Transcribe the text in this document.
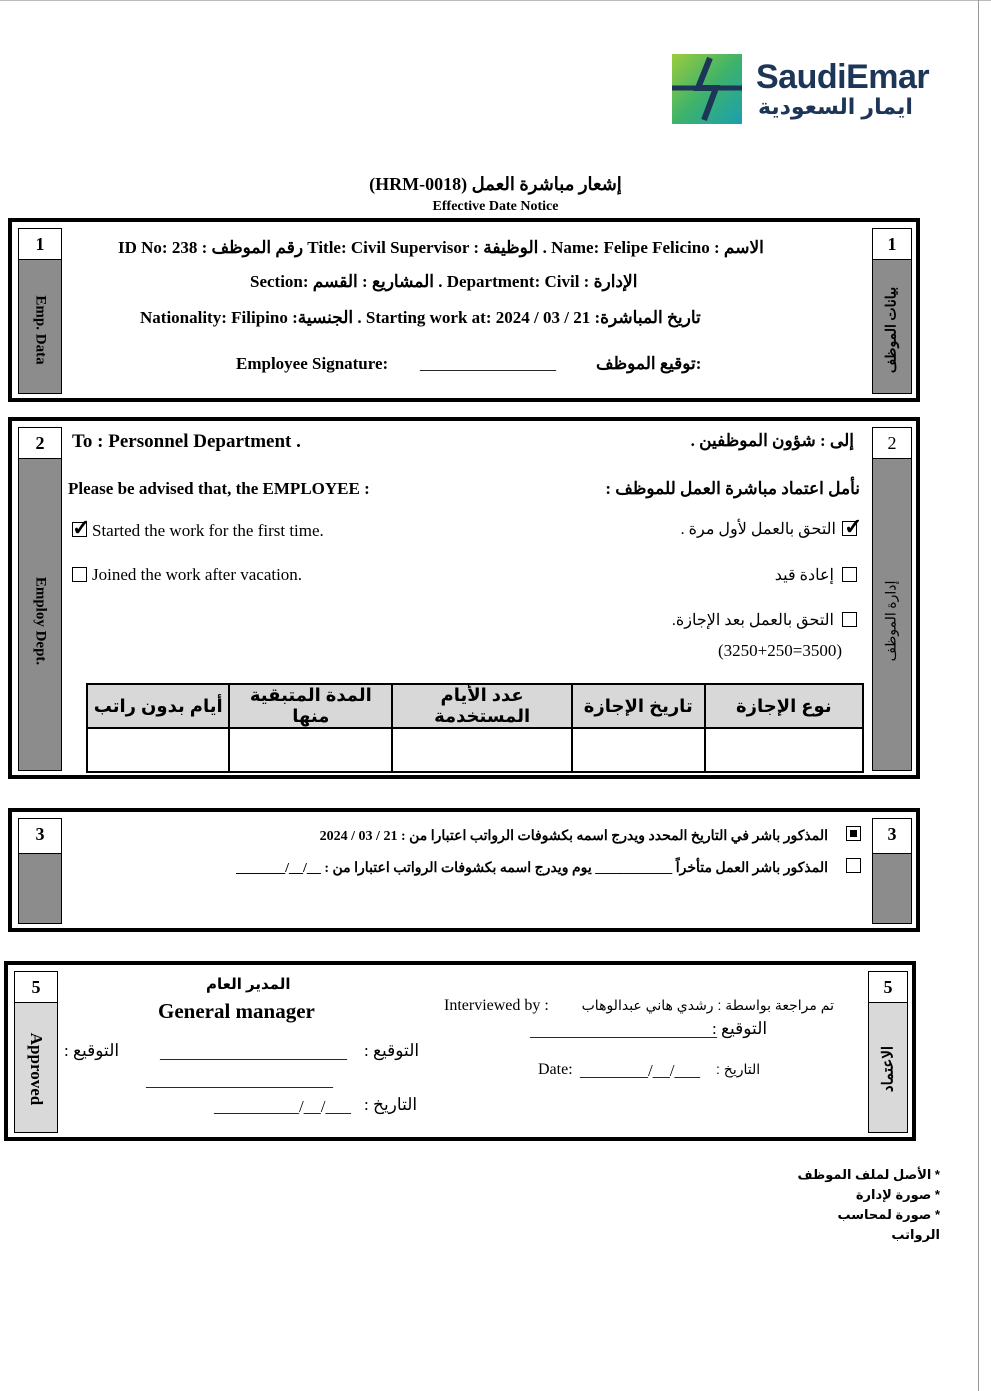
SaudiEmar
ايمار السعودية
إشعار مباشرة العمل (HRM-0018)
Effective Date Notice
1
Emp. Data
1
بيانات الموظف
ID No: 238 : رقم الموظف Title: Civil Supervisor : الوظيفة . Name: Felipe Felicino : الاسم
Section: المشاريع : القسم . Department: Civil : الإدارة
Nationality: Filipino :الجنسية . Starting work at: 2024 / 03 / 21 :تاريخ المباشرة
Employee Signature: ________________ :توقيع الموظف
2
Employ Dept.
2
إدارة الموظف
To : Personnel Department .	إلى : شؤون الموظفين .
Please be advised that, the EMPLOYEE :	نأمل اعتماد مباشرة العمل للموظف :
✓ Started the work for the first time.	التحق بالعمل لأول مرة . ✓
Joined the work after vacation.	إعادة قيد
التحق بالعمل بعد الإجازة.
(3250+250=3500)
أيام بدون راتب	المدة المتبقية منها	عدد الأيام المستخدمة	تاريخ الإجازة	نوع الإجازة

3	3
المذكور باشر في التاريخ المحدد ويدرج اسمه بكشوفات الرواتب اعتبارا من : 21 / 03 / 2024
المذكور باشر العمل متأخراً ___________ يوم ويدرج اسمه بكشوفات الرواتب اعتبارا من : __/__/_______
5
Approved
5
الاعتماد
المدير العام
General manager
التوقيع : ______________________ التوقيع :
______________________
__________/__/___ التاريخ :
Interviewed by : تم مراجعة بواسطة : رشدي هاني عبدالوهاب
______________________
التوقيع :
Date: ________/__/___ التاريخ :
* الأصل لملف الموظف
* صورة لإدارة
* صورة لمحاسب الرواتب
